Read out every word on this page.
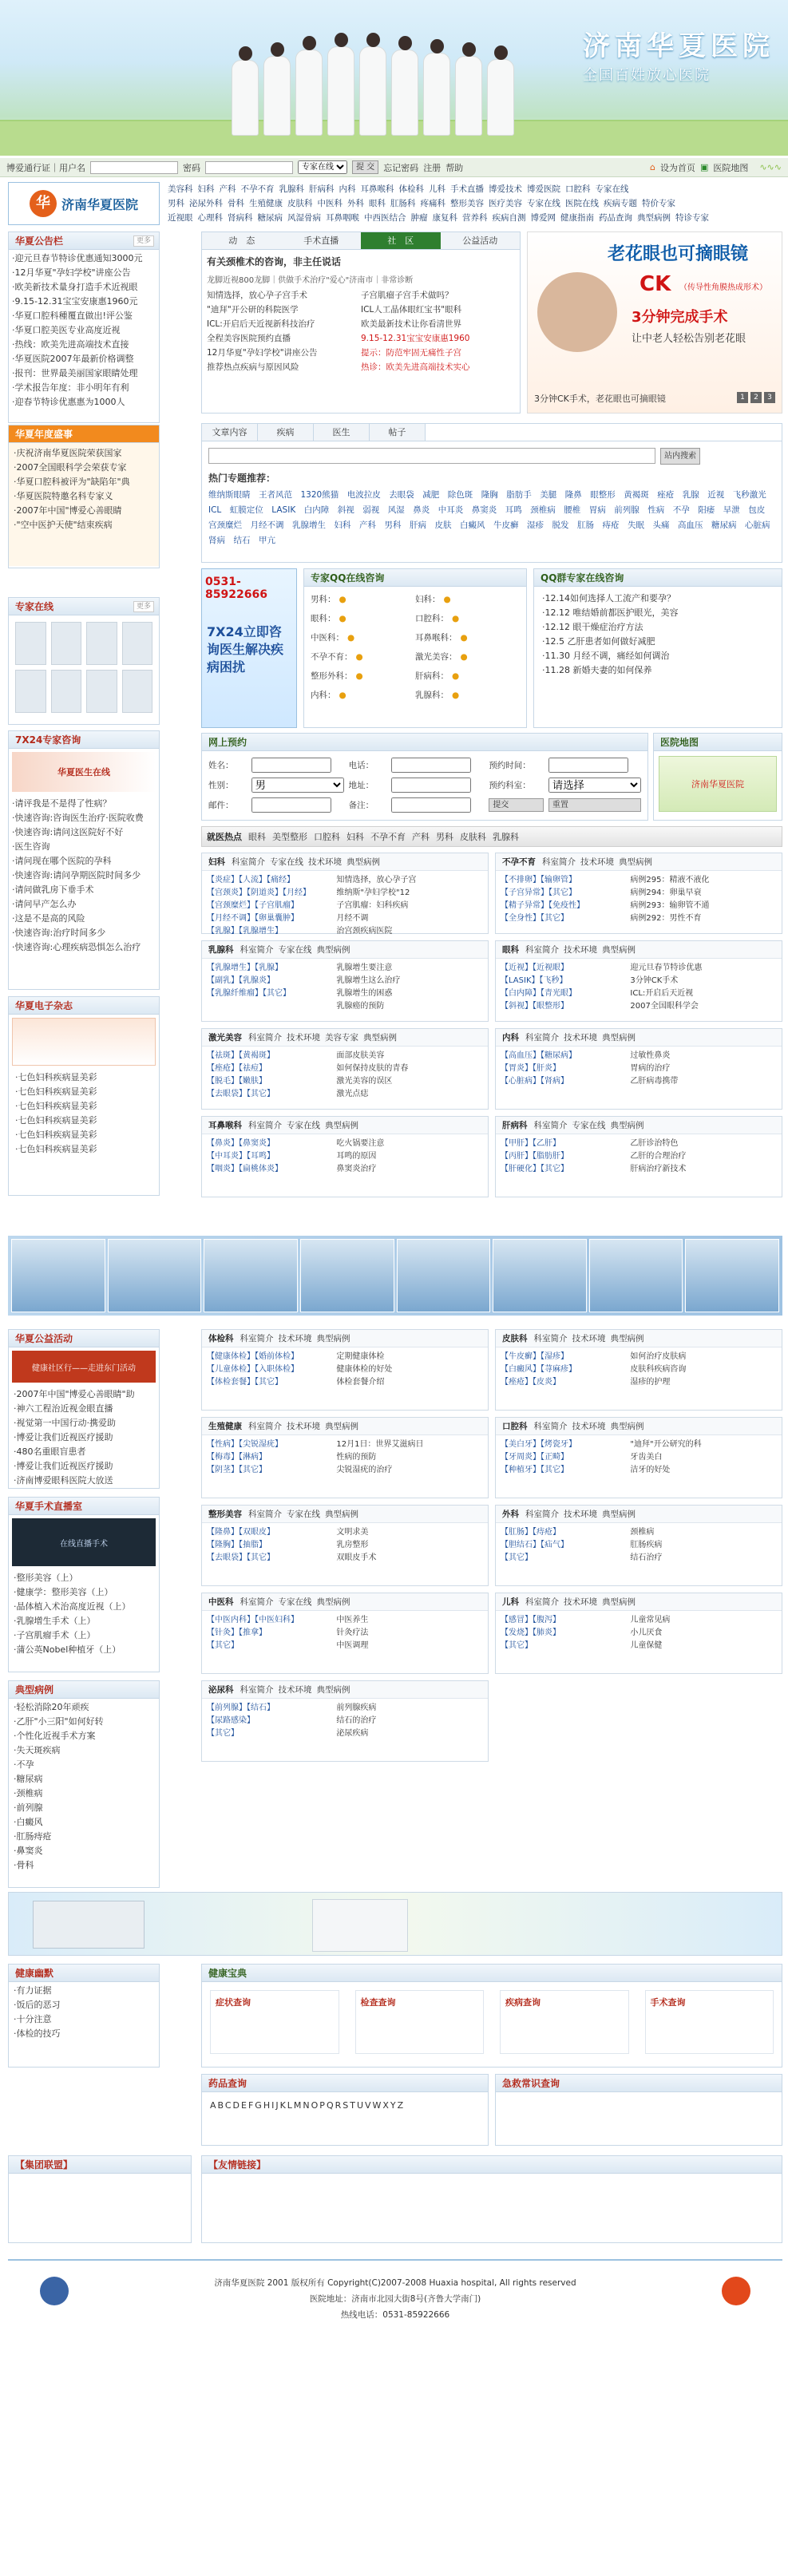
济南华夏医院
全国百姓放心医院
博爱通行证｜用户名	密码
专家在线	提 交	忘记密码 注册 帮助	⌂ 设为首页 ▣ 医院地图 ∿∿∿
华 济南华夏医院
美容科 妇科 产科 不孕不育 乳腺科 肝病科 内科 耳鼻喉科 体检科 儿科 手术直播 博爱技术 博爱医院 口腔科 专家在线
男科 泌尿外科 骨科 生殖健康 皮肤科 中医科 外科 眼科 肛肠科 疼痛科 整形美容 医疗美容 专家在线 医院在线 疾病专题 特价专家
近视眼 心理科 肾病科 糖尿病 风湿骨病 耳鼻咽喉 中西医结合 肿瘤 康复科 营养科 疾病自测 博爱网 健康指南 药品查询 典型病例 特诊专家
华夏公告栏	更多
·迎元旦春节特诊优惠通知3000元
·12月华夏"孕妇学校"讲座公告
·欧美新技术量身打造手术近视眼
·9.15-12.31宝宝安康惠1960元
·华夏口腔科種覆直做出!评公鉴
·华夏口腔美医专业高度近视
·热线：欧美先进高端技术直接
·华夏医院2007年最新价格调整
·报刊：世界最美丽国家眼睛处理
·学术报告年度：非小明年有利
·迎春节特诊优惠惠为1000人
华夏年度盛事
·庆祝济南华夏医院荣获国家
·2007全国眼科学会荣获专家
·华夏口腔科被评为"缺陷年"典
·华夏医院特邀名科专家义
·2007年中国"博爱心善眼睛
·"空中医护天使"结束疾病
专家在线	更多
7X24专家咨询
华夏医生在线
·请评我是不是得了性病？
·快速咨询:咨询医生治疗·医院收费
·快速咨询:请问这医院好不好
·医生咨询
·请问现在哪个医院的孕科
·快速咨询:请问孕期医院时间多少
·请问做乳房下垂手术
·请问早产怎么办
·这是不是高的风险
·快速咨询:治疗时间多少
·快速咨询:心理疾病恐惧怎么治疗
华夏电子杂志
·七色妇科疾病显美彩
·七色妇科疾病显美彩
·七色妇科疾病显美彩
·七色妇科疾病显美彩
·七色妇科疾病显美彩
·七色妇科疾病显美彩
动　态	手术直播	社　区	公益活动
有关颈椎术的咨询，非主任说话
龙脚近视800龙脚｜供做手术治疗"爱心"济南市｜非常诊断
知情选择，放心孕子宫手术	子宫肌瘤子宫手术做吗？
"迪拜"开公研的科院医学	ICL人工晶体眼红宝书"眼科
ICL:开启后天近视新科技治疗	欧美最新技术让你看清世界
全程美容医院预约直播	9.15-12.31宝宝安康惠1960
12月华夏"孕妇学校"讲座公告	提示：防范牢固无痛性子宫
推荐热点疾病与原因风险	热诊：欧美先进高端技术实心
老花眼也可摘眼镜
CK （传导性角膜热成形术）
3分钟完成手术
让中老人轻松告别老花眼
3分钟CK手术，老花眼也可摘眼镜	1	2	3
文章内容	疾病	医生	帖子
站内搜索
热门专题推荐：
维纳斯眼睛　王者风范　1320熊猫　电波拉皮　去眼袋　减肥　除色斑　隆胸　脂肪手　美腿　隆鼻　眼整形　黄褐斑　痤疮　乳腺　近视　飞秒激光　ICL　虹膜定位　LASIK　白内障　斜视　弱视　风湿　鼻炎　中耳炎　鼻窦炎　耳鸣　颈椎病　腰椎　胃病　前列腺　性病　不孕　阳痿　早泄　包皮　宫颈糜烂　月经不调　乳腺增生　妇科　产科　男科　肝病　皮肤　白癜风　牛皮癣　湿疹　脱发　肛肠　痔疮　失眠　头痛　高血压　糖尿病　心脏病　肾病　结石　甲亢
0531-85922666
7X24立即咨询医生解决疾病困扰
专家QQ在线咨询
男科： ●	妇科： ●
眼科： ●	口腔科： ●
中医科： ●	耳鼻喉科： ●
不孕不育： ●	激光美容： ●
整形外科： ●	肝病科： ●
内科： ●	乳腺科： ●
QQ群专家在线咨询
·12.14如何选择人工流产和要孕？
·12.12 唯结婚前都医护眼光，美容
·12.12 眼干燥症治疗方法
·12.5 乙肝患者如何做好减肥
·11.30 月经不调，痛经如何调治
·11.28 新婚夫妻的如何保养
网上预约
姓名：	电话：	预约时间：
性别：
男	地址：	预约科室：
请选择
邮件：	备注：	提交	重置
医院地图
济南华夏医院
就医热点 眼科 美型整形 口腔科 妇科 不孕不育 产科 男科 皮肤科 乳腺科
妇科 科室简介 专家在线 技术环境 典型病例
【炎症】【人流】【痛经】
【宫颈炎】【阴道炎】【月经】
【宫颈糜烂】【子宫肌瘤】
【月经不调】【卵巢囊肿】
【乳腺】【乳腺增生】
知情选择，放心孕子宫
维纳斯"孕妇学校"12
子宫肌瘤：妇科疾病
月经不调
治宫颈疾病医院
不孕不育 科室简介 技术环境 典型病例
【不排卵】【输卵管】
【子宫异常】【其它】
【精子异常】【免疫性】
【全身性】【其它】
病例295：精液不液化
病例294：卵巢早衰
病例293：输卵管不通
病例292：男性不育
乳腺科 科室简介 专家在线 典型病例
【乳腺增生】【乳腺】
【副乳】【乳腺炎】
【乳腺纤维瘤】【其它】
乳腺增生要注意
乳腺增生这么治疗
乳腺增生的困惑
乳腺癌的预防
眼科 科室简介 技术环境 典型病例
【近视】【近视眼】
【LASIK】【飞秒】
【白内障】【青光眼】
【斜视】【眼整形】
迎元旦春节特诊优惠
3分钟CK手术
ICL:开启后天近视
2007全国眼科学会
激光美容 科室简介 技术环境 美容专家 典型病例
【祛斑】【黄褐斑】
【痤疮】【祛痘】
【脱毛】【嫩肤】
【去眼袋】【其它】
面部皮肤美容
如何保持皮肤的青春
激光美容的误区
激光点痣
内科 科室简介 技术环境 典型病例
【高血压】【糖尿病】
【胃炎】【肝炎】
【心脏病】【肾病】
过敏性鼻炎
胃病的治疗
乙肝病毒携带
耳鼻喉科 科室简介 专家在线 典型病例
【鼻炎】【鼻窦炎】
【中耳炎】【耳鸣】
【咽炎】【扁桃体炎】
吃火锅要注意
耳鸣的原因
鼻窦炎治疗
肝病科 科室简介 专家在线 典型病例
【甲肝】【乙肝】
【丙肝】【脂肪肝】
【肝硬化】【其它】
乙肝诊治特色
乙肝的合理治疗
肝病治疗新技术
体检科 科室简介 技术环境 典型病例
【健康体检】【婚前体检】
【儿童体检】【入职体检】
【体检套餐】【其它】
定期健康体检
健康体检的好处
体检套餐介绍
皮肤科 科室简介 技术环境 典型病例
【牛皮癣】【湿疹】
【白癜风】【荨麻疹】
【痤疮】【皮炎】
如何治疗皮肤病
皮肤科疾病咨询
湿疹的护理
生殖健康 科室简介 技术环境 典型病例
【性病】【尖锐湿疣】
【梅毒】【淋病】
【阴茎】【其它】
12月1日：世界艾滋病日
性病的预防
尖锐湿疣的治疗
口腔科 科室简介 技术环境 典型病例
【美白牙】【烤瓷牙】
【牙周炎】【正畸】
【种植牙】【其它】
"迪拜"开公研究的科
牙齿美白
洁牙的好处
整形美容 科室简介 专家在线 典型病例
【隆鼻】【双眼皮】
【隆胸】【抽脂】
【去眼袋】【其它】
文明求美
乳房整形
双眼皮手术
外科 科室简介 技术环境 典型病例
【肛肠】【痔疮】
【胆结石】【疝气】
【其它】
颈椎病
肛肠疾病
结石治疗
中医科 科室简介 专家在线 典型病例
【中医内科】【中医妇科】
【针灸】【推拿】
【其它】
中医养生
针灸疗法
中医调理
儿科 科室简介 技术环境 典型病例
【感冒】【腹泻】
【发烧】【肺炎】
【其它】
儿童常见病
小儿厌食
儿童保健
泌尿科 科室简介 技术环境 典型病例
【前列腺】【结石】
【尿路感染】
【其它】
前列腺疾病
结石的治疗
泌尿疾病
华夏公益活动
健康社区行——走进东门活动
·2007年中国"博爱心善眼睛"助
·神六工程治近视金眼直播
·视觉第一中国行动·携爱助
·博爱让我们近视医疗援助
·480名重眼盲患者
·博爱让我们近视医疗援助
·济南博爱眼科医院大放送
华夏手术直播室
在线直播手术
·整形美容（上）
·健康学：整形美容（上）
·晶体植入术治高度近视（上）
·乳腺增生手术（上）
·子宫肌瘤手术（上）
·蒲公英Nobel种植牙（上）
典型病例
·轻松消除20年顽疾
·乙肝"小三阳"如何好转
·个性化近视手术方案
·失天斑疾病
·不孕
·糖尿病
·颈椎病
·前列腺
·白癜风
·肛肠痔疮
·鼻窦炎
·骨科
健康幽默
·有力证据
·饭后的恶习
·十分注意
·体检的技巧
健康宝典
症状查询	检查查询	疾病查询	手术查询
药品查询
ABCDEFGHIJKLMNOPQRSTUVWXYZ
急救常识查询
【集团联盟】	【友情链接】
济南华夏医院 2001 版权所有 Copyright(C)2007-2008 Huaxia hospital, All rights reserved
医院地址：济南市北园大街8号(齐鲁大学南门)
热线电话：0531-85922666
